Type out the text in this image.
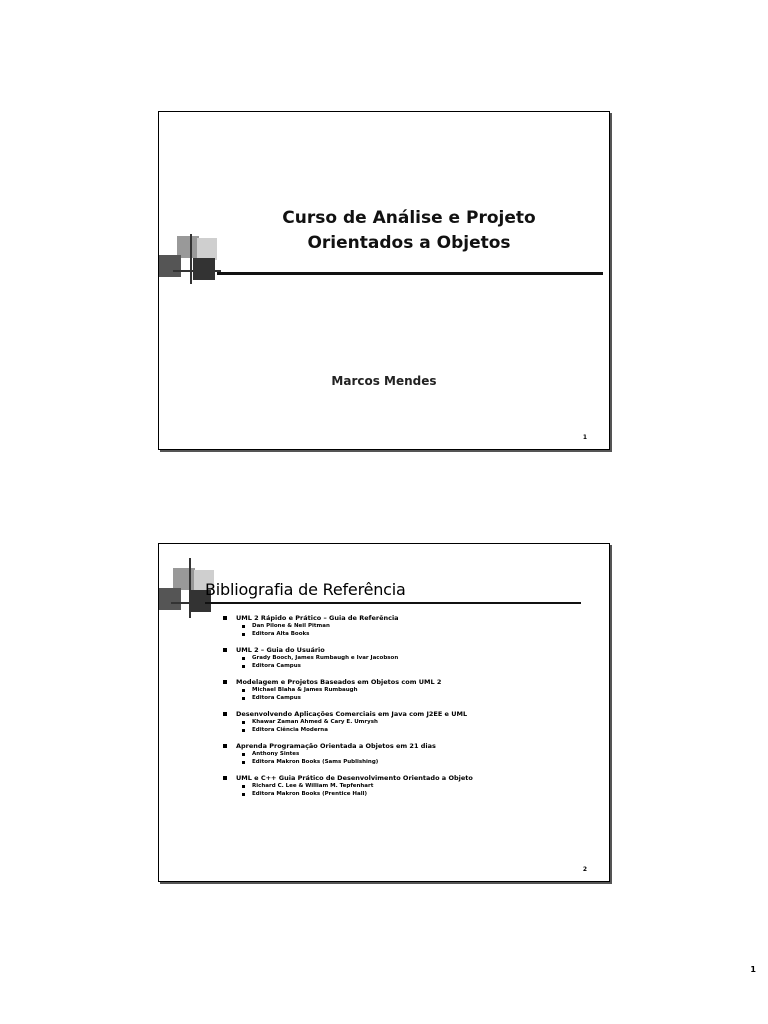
Curso de Análise e Projeto
Orientados a Objetos
Marcos Mendes
1
Bibliografia de Referência
UML 2 Rápido e Prático – Guia de Referência
Dan Pilone & Neil Pitman
Editora Alta Books
UML 2 – Guia do Usuário
Grady Booch, James Rumbaugh e Ivar Jacobson
Editora Campus
Modelagem e Projetos Baseados em Objetos com UML 2
Michael Blaha & James Rumbaugh
Editora Campus
Desenvolvendo Aplicações Comerciais em Java com J2EE e UML
Khawar Zaman Ahmed & Cary E. Umrysh
Editora Ciência Moderna
Aprenda Programação Orientada a Objetos em 21 dias
Anthony Sintes
Editora Makron Books (Sams Publishing)
UML e C++ Guia Prático de Desenvolvimento Orientado a Objeto
Richard C. Lee & William M. Tepfenhart
Editora Makron Books (Prentice Hall)
2
1
